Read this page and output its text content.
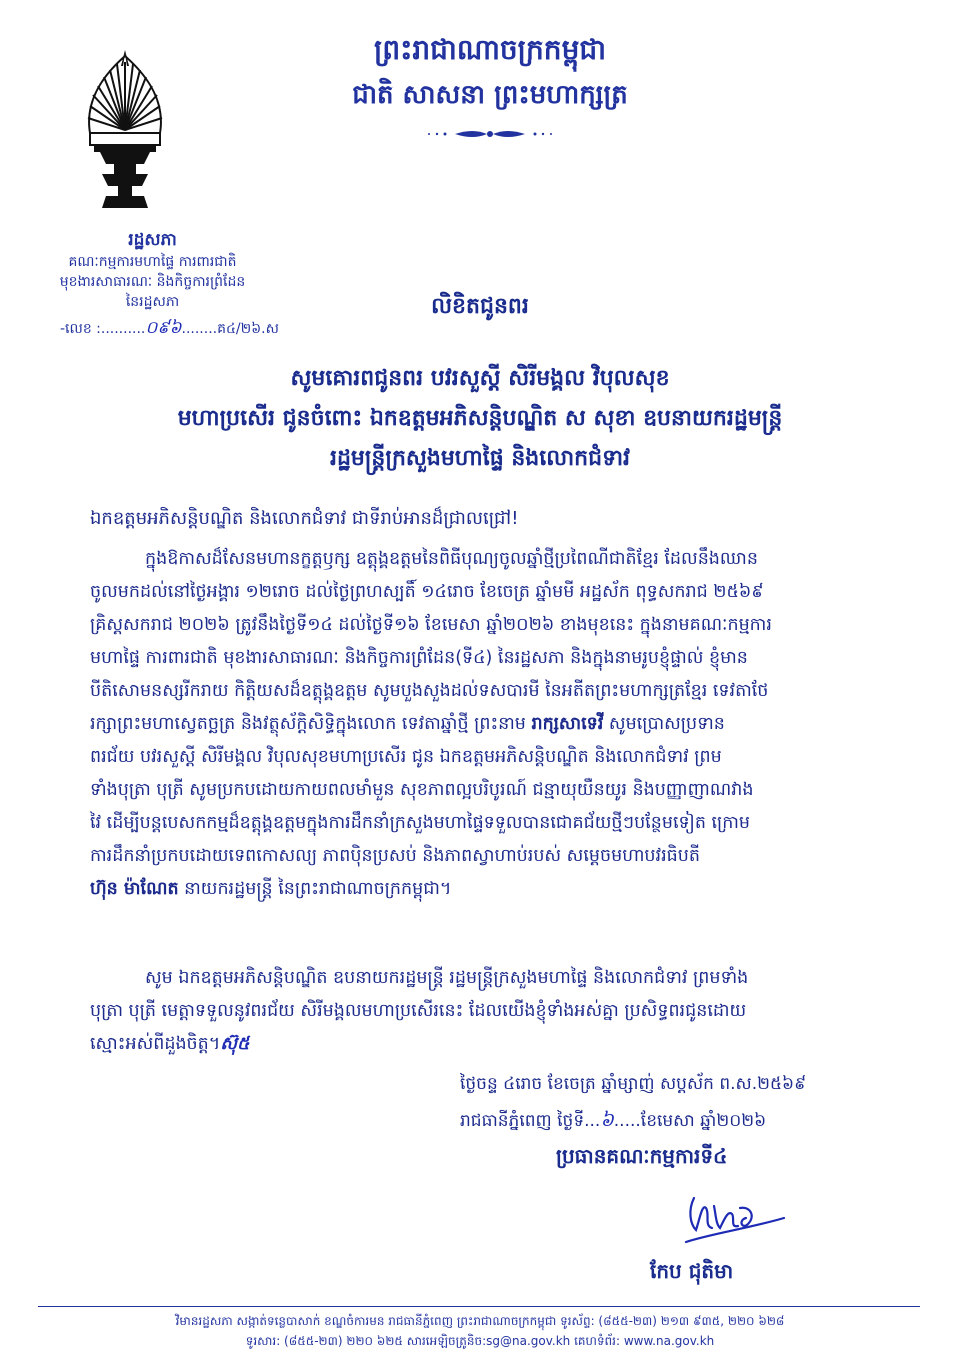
ព្រះរាជាណាចក្រកម្ពុជា
ជាតិ សាសនា ព្រះមហាក្សត្រ
រដ្ឋសភា
គណៈកម្មការមហាផ្ទៃ ការពារជាតិ
មុខងារសាធារណៈ និងកិច្ចការព្រំដែន
នៃរដ្ឋសភា
-លេខ :..........០៩៦........គ៤/២៦.ស
លិខិតជូនពរ
សូមគោរពជូនពរ បវរសួស្តី សិរីមង្គល វិបុលសុខ
មហាប្រសើរ ជូនចំពោះ ឯកឧត្តមអភិសន្តិបណ្ឌិត ស សុខា ឧបនាយករដ្ឋមន្ត្រី
រដ្ឋមន្ត្រីក្រសួងមហាផ្ទៃ និងលោកជំទាវ
ឯកឧត្តមអភិសន្តិបណ្ឌិត និងលោកជំទាវ ជាទីរាប់អានដ៏ជ្រាលជ្រៅ!
ក្នុងឱកាសដ៏សែនមហានក្ខត្តឫក្ស ឧត្តុង្គឧត្តមនៃពិធីបុណ្យចូលឆ្នាំថ្មីប្រពៃណីជាតិខ្មែរ ដែលនឹងឈាន
ចូលមកដល់នៅថ្ងៃអង្គារ ១២រោច ដល់ថ្ងៃព្រហស្បតិ៍ ១៤រោច ខែចេត្រ ឆ្នាំមមី អដ្ឋស័ក ពុទ្ធសករាជ ២៥៦៩
គ្រិស្តសករាជ ២០២៦ ត្រូវនឹងថ្ងៃទី១៤ ដល់ថ្ងៃទី១៦ ខែមេសា ឆ្នាំ២០២៦ ខាងមុខនេះ ក្នុងនាមគណៈកម្មការ
មហាផ្ទៃ ការពារជាតិ មុខងារសាធារណៈ និងកិច្ចការព្រំដែន(ទី៤) នៃរដ្ឋសភា និងក្នុងនាមរូបខ្ញុំផ្ទាល់ ខ្ញុំមាន
បីតិសោមនស្សរីករាយ កិត្តិយសដ៏ឧត្តុង្គឧត្តម សូមបួងសួងដល់ទសបារមី នៃអតីតព្រះមហាក្សត្រខ្មែរ ទេវតាថែ
រក្សាព្រះមហាស្វេតច្ឆត្រ និងវត្ថុស័ក្តិសិទ្ធិក្នុងលោក ទេវតាឆ្នាំថ្មី ព្រះនាម រាក្សសាទេវី សូមប្រោសប្រទាន
ពរជ័យ បវរសួស្តី សិរីមង្គល វិបុលសុខមហាប្រសើរ ជូន ឯកឧត្តមអភិសន្តិបណ្ឌិត និងលោកជំទាវ ព្រម
ទាំងបុត្រា បុត្រី សូមប្រកបដោយកាយពលមាំមួន សុខភាពល្អបរិបូរណ៍ ជន្មាយុយឺនយូរ និងបញ្ញាញាណវាង
វៃ ដើម្បីបន្តបេសកកម្មដ៏ឧត្តុង្គឧត្តមក្នុងការដឹកនាំក្រសួងមហាផ្ទៃទទួលបានជោគជ័យថ្មីៗបន្ថែមទៀត ក្រោម
ការដឹកនាំប្រកបដោយទេពកោសល្យ ភាពប៉ិនប្រសប់ និងភាពស្វាហាប់របស់ សម្តេចមហាបវរធិបតី
ហ៊ុន ម៉ាណែត នាយករដ្ឋមន្ត្រី នៃព្រះរាជាណាចក្រកម្ពុជា។
សូម ឯកឧត្តមអភិសន្តិបណ្ឌិត ឧបនាយករដ្ឋមន្ត្រី រដ្ឋមន្ត្រីក្រសួងមហាផ្ទៃ និងលោកជំទាវ ព្រមទាំង
បុត្រា បុត្រី មេត្តាទទួលនូវពរជ័យ សិរីមង្គលមហាប្រសើរនេះ ដែលយើងខ្ញុំទាំងអស់គ្នា ប្រសិទ្ធពរជូនដោយ
ស្មោះអស់ពីដួងចិត្ត។ស៊ុ៥
ថ្ងៃចន្ទ ៤រោច ខែចេត្រ ឆ្នាំម្សាញ់ សប្តស័ក ព.ស.២៥៦៩
រាជធានីភ្នំពេញ ថ្ងៃទី...៦.....ខែមេសា ឆ្នាំ២០២៦
ប្រធានគណៈកម្មការទី៤
កែប ជុតិមា
វិមានរដ្ឋសភា សង្កាត់ទន្លេបាសាក់ ខណ្ឌចំការមន រាជធានីភ្នំពេញ ព្រះរាជាណាចក្រកម្ពុជា ទូរស័ព្ទ: (៨៥៥-២៣) ២១៣ ៩៣៥, ២២០ ៦២៨
ទូរសារ: (៨៥៥-២៣) ២២០ ៦២៥ សារអេឡិចត្រូនិច:sg@na.gov.kh គេហទំព័រ: www.na.gov.kh
